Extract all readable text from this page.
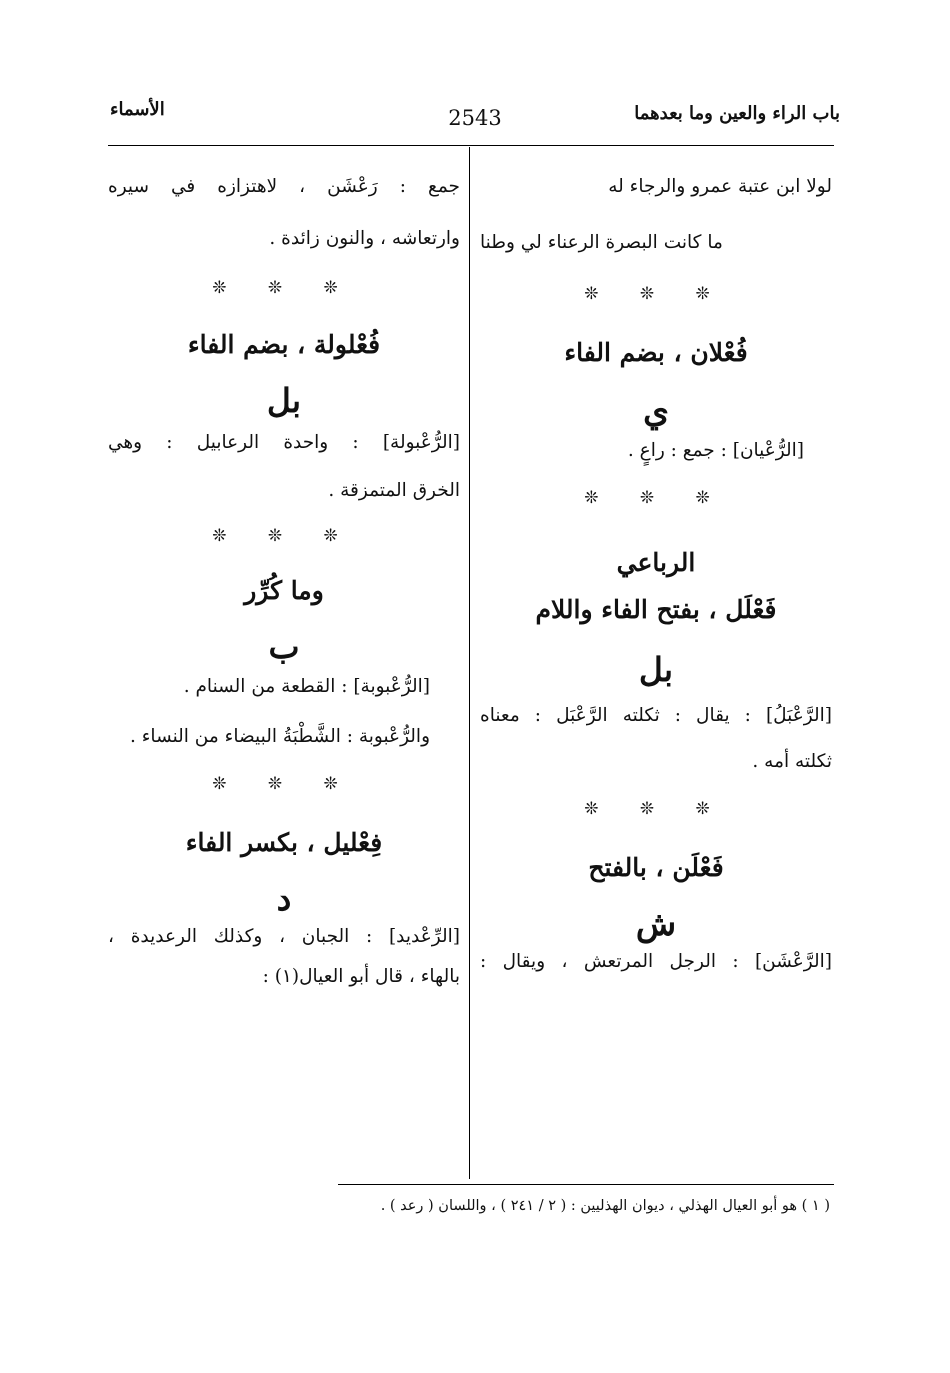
باب الراء والعين وما بعدهما
2543
الأسماء

لولا ابن عتبة عمرو والرجاء له

ما كانت البصرة الرعناء لي وطنا

❊ ❊ ❊

فُعْلان ، بضم الفاء

ي

[الرُّعْيان] : جمع : راعٍ .

❊ ❊ ❊

الرباعي

فَعْلَل ، بفتح الفاء واللام

بل

[الرَّعْبَلُ] : يقال : ثكلته الرَّعْبَل : معناه

ثكلته أمه .

❊ ❊ ❊

فَعْلَن ، بالفتح

ش

[الرَّعْشَن] : الرجل المرتعش ، ويقال :

جمع : رَعْشَن ، لاهتزازه في سيره

وارتعاشه ، والنون زائدة .

❊ ❊ ❊

فُعْلولة ، بضم الفاء

بل

[الرُّعْبولة] : واحدة الرعابيل : وهي

الخرق المتمزقة .

❊ ❊ ❊

وما كُرِّر

ب

[الرُّعْبوبة] : القطعة من السنام .

والرُّعْبوبة : الشَّطْبَةُ البيضاء من النساء .

❊ ❊ ❊

فِعْليل ، بكسر الفاء

د

[الرِّعْديد] : الجبان ، وكذلك الرعديدة ،

بالهاء ، قال أبو العيال(١) :

( ١ ) هو أبو العيال الهذلي ، ديوان الهذليين : ( ٢ / ٢٤١ ) ، واللسان ( رعد ) .
